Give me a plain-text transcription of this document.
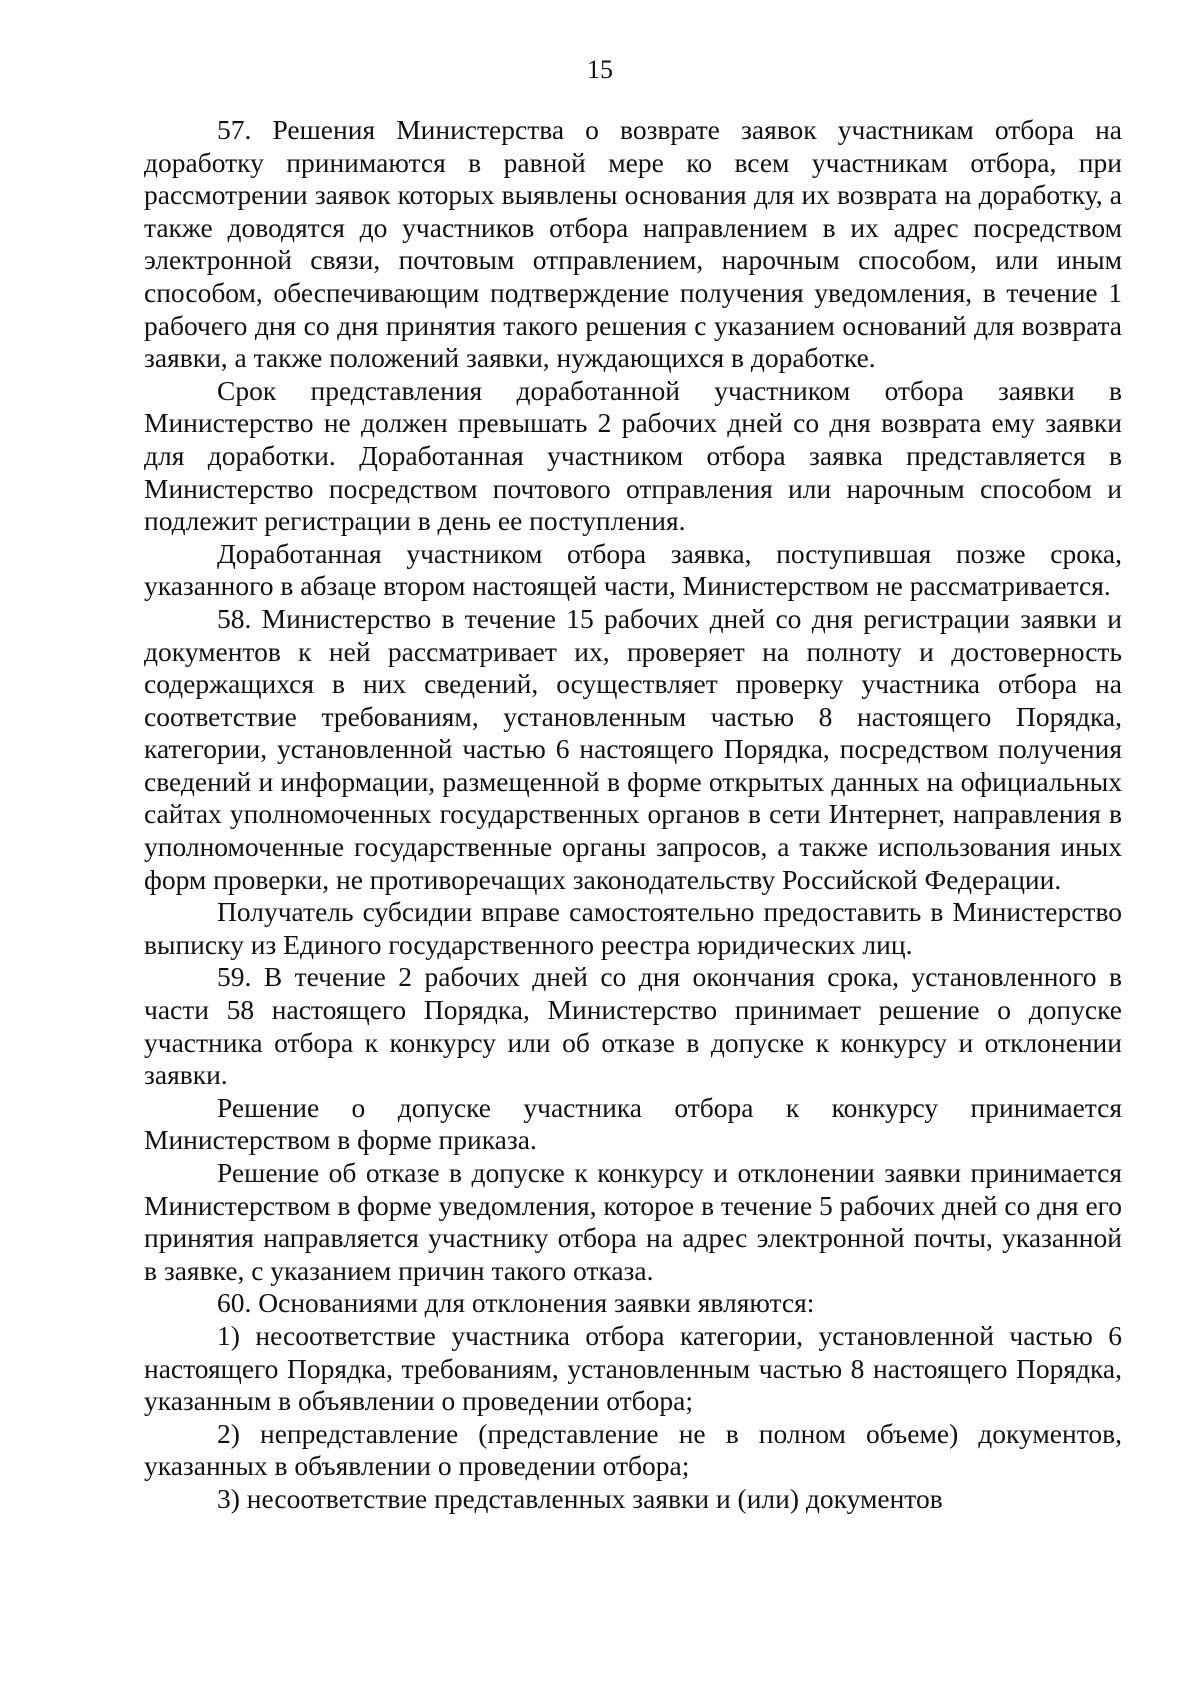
15

57. Решения Министерства о возврате заявок участникам отбора на доработку принимаются в равной мере ко всем участникам отбора, при рассмотрении заявок которых выявлены основания для их возврата на доработку, а также доводятся до участников отбора направлением в их адрес посредством электронной связи, почтовым отправлением, нарочным способом, или иным способом, обеспечивающим подтверждение получения уведомления, в течение 1 рабочего дня со дня принятия такого решения с указанием оснований для возврата заявки, а также положений заявки, нуждающихся в доработке.

Срок представления доработанной участником отбора заявки в Министерство не должен превышать 2 рабочих дней со дня возврата ему заявки для доработки. Доработанная участником отбора заявка представляется в Министерство посредством почтового отправления или нарочным способом и подлежит регистрации в день ее поступления.

Доработанная участником отбора заявка, поступившая позже срока, указанного в абзаце втором настоящей части, Министерством не рассматривается.

58. Министерство в течение 15 рабочих дней со дня регистрации заявки и документов к ней рассматривает их, проверяет на полноту и достоверность содержащихся в них сведений, осуществляет проверку участника отбора на соответствие требованиям, установленным частью 8 настоящего Порядка, категории, установленной частью 6 настоящего Порядка, посредством получения сведений и информации, размещенной в форме открытых данных на официальных сайтах уполномоченных государственных органов в сети Интернет, направления в уполномоченные государственные органы запросов, а также использования иных форм проверки, не противоречащих законодательству Российской Федерации.

Получатель субсидии вправе самостоятельно предоставить в Министерство выписку из Единого государственного реестра юридических лиц.

59. В течение 2 рабочих дней со дня окончания срока, установленного в части 58 настоящего Порядка, Министерство принимает решение о допуске участника отбора к конкурсу или об отказе в допуске к конкурсу и отклонении заявки.

Решение о допуске участника отбора к конкурсу принимается Министерством в форме приказа.

Решение об отказе в допуске к конкурсу и отклонении заявки принимается Министерством в форме уведомления, которое в течение 5 рабочих дней со дня его принятия направляется участнику отбора на адрес электронной почты, указанной в заявке, с указанием причин такого отказа.

60. Основаниями для отклонения заявки являются:

1) несоответствие участника отбора категории, установленной частью 6 настоящего Порядка, требованиям, установленным частью 8 настоящего Порядка, указанным в объявлении о проведении отбора;

2) непредставление (представление не в полном объеме) документов, указанных в объявлении о проведении отбора;

3) несоответствие представленных заявки и (или) документов
